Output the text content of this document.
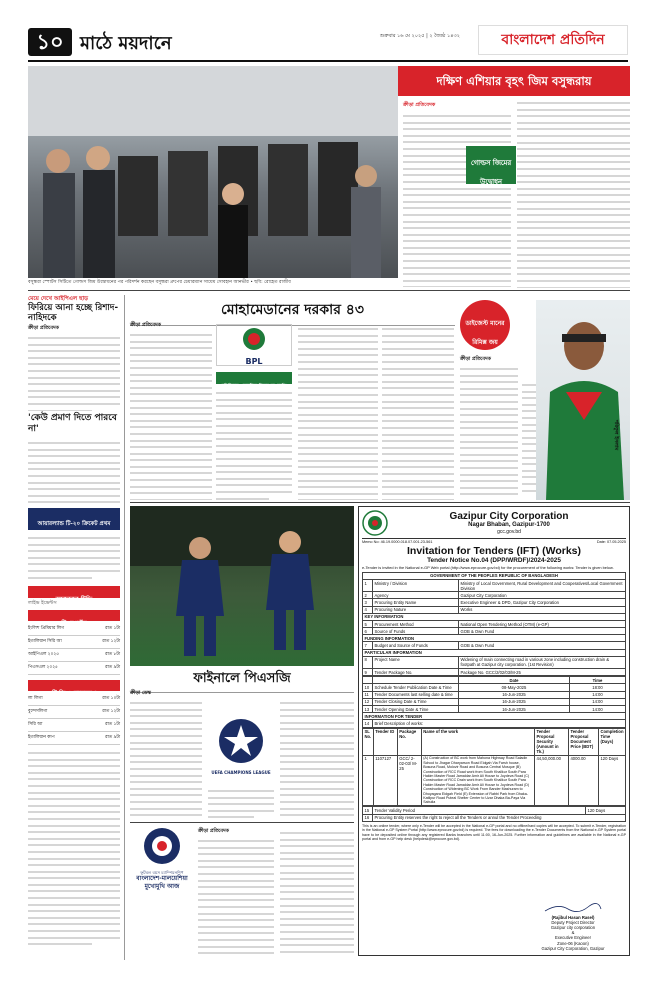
১০ মাঠে ময়দানে	শুক্রবার ১৬ মে ২০২৫ | ২ জ্যৈষ্ঠ ১৪৩২	বাংলাদেশ প্রতিদিন
বসুন্ধরা স্পোর্টস সিটিতে গোল্ডস জিম উদ্বোধনের পর পরিদর্শন করছেন বসুন্ধরা গ্রুপের চেয়ারম্যান সায়েম সোবহান আনভীর • ছবি: রোহেত রাজীব
দক্ষিণ এশিয়ার বৃহৎ জিম বসুন্ধরায়
ক্রীড়া প্রতিবেদক
গোল্ডস জিমের উদ্বোধন
মেয়ে দেখে আইপিএল ছাড়
ফিরিয়ে আনা হচ্ছে রিশাদ-নাহিদকে
ক্রীড়া প্রতিবেদক
'কেউ প্রমাণ দিতে পারবে না'
আয়ারল্যান্ড টি-২০ ক্রিকেট প্রথম সেঞ্চুরিয়ান ক্রিস্টোফার
আজকের টিভি
লাইভ ইভেন্টস
টি স্পোর্টস
ইংলিশ প্রিমিয়ার লিগ	রাত ১টা
ইতালিয়ান সিরি আ	রাত ১২টা
আইপিএল ২০২৫	রাত ৮টা
পিএসএল ২০২৫	রাত ৯টা
টি ডি ও ব্যাকআপ
লা লিগা	রাত ১০টা
বুন্দেসলিগা	রাত ১২টা
সিরি আ	রাত ১টা
ইতালিয়ান কাপ	রাত ৯টা
মোহামেডানের দরকার ৪৩
ক্রীড়া প্রতিবেদক
BPL
দুশিক্ষিতে প্রত্যাশিত বিচার মুখোমুখি
ডাইজেস্ট মানের রিমিক্স জয়
ক্রীড়া প্রতিবেদক
শরিফুল ইসলাম
ফাইনালে পিএসজি
ক্রীড়া ডেস্ক
UEFA CHAMPIONS LEAGUE
ফুটবল বয়স চ্যাম্পিয়নশিপ
বাংলাদেশ-মালয়েশিয়া
মুখোমুখি আজ
ক্রীড়া প্রতিবেদক
Gazipur City Corporation
Nagar Bhaban, Gazipur-1700
gcc.gov.bd
Memo No: 46.19.0000.018.07.001.23-561	Date: 07.05.2025
Invitation for Tenders (IFT) (Works)
Tender Notice No.04 (DPP/WRDF)/2024-2025
e-Tender is invited in the National e-GP Web portal (http://www.eprocure.gov.bd) for the procurement of the following works: Tender is given below.
GOVERNMENT OF THE PEOPLES REPUBLIC OF BANGLADESH		
1	Ministry / Division	Ministry of Local Government, Rural Development and Cooperatives/Local Government Division
2	Agency	Gazipur City Corporation
3	Procuring Entity Name	Executive Engineer & DPD, Gazipur City Corporation
4	Procuring Nature	Works
KEY INFORMATION		
5	Procurement Method	National Open Tendering Method (OTM) (e-GP)
6	Source of Funds	GOB & Own Fund
FUNDING INFORMATION		
7	Budget and Source of Funds	GOB & Own Fund
PARTICULAR INFORMATION		
8	Project Name	Widening of main connecting road in various zone including construction drain & footpath at Gazipur city corporation. (1st Revision)
9	Tender Package No.	Package No. GCC/2/02/03/M-25
		Date	Time
10	Schedule Tender Publication Date & Time	08-May-2025	18:00
11	Tender Documents last selling date & time	16-Jun-2025	14:00
12	Tender Closing Date & Time	16-Jun-2025	14:00
13	Tender Opening Date & Time	16-Jun-2025	14:00
INFORMATION FOR TENDER			
14	Brief Description of works:		
SL No.	Tender ID	Package No.	Name of the work	Tender Proposal Security (Amount in Tk.)	Tender Proposal Document Price (BDT)	Completion Time (Days)
1	1107127	GCC/ 2-02-03/ M- 25	(A) Construction of BC work from Mahona Highway Road Saladin School to Jhagar Dharyarson Road Eidgah Via Farsh house, Bosuna Road, Molovir Road and Bosuna Central Mosque (B) Construction of RCC Road work from South Khailkur South Para Hakim Master Road Jamaldar Amir Ali House to Joydeva Road (C) Construction of RCC Drain work from South Khailkur South Para Hakim Master Road Jamaldar Amir Ali House to Joydeva Road (D) Construction of Widening BC Work From Bander Mashuram to Dhoyagara Eidgah Field (E) Extension of Rabbi Park from Dhaka-Katlipur Road Puteal Shelter Center to Uzar Dhaka Ba-Paya Via Sabulia	44,50,000.00	4000.00	120 Days
15	Tender Validity Period	120 Days
16	Procuring Entity reserves the right to reject all the Tenders or annul the Tender Proceeding	
This is an online tender, where only e-Tender will be accepted in the National e-GP portal and no offline/hard copies will be accepted. To submit e-Tender, registration in the National e-GP System Portal (http://www.eprocure.gov.bd) is required. The fees for downloading the e-Tender Documents from the National e-GP System portal have to be deposited online through any registered Banks branches until 11:00, 16-Jun-2025. Further information and guidelines are available in the National e-GP portal and from e-GP help desk (helpdesk@eprocure.gov.bd).
(Rajibul Hasan Rasel)
Deputy Project Director
Gazipur city corporation
&
Executive Engineer
Zone-06 (Kaoon)
Gazipur City Corporation, Gazipur
